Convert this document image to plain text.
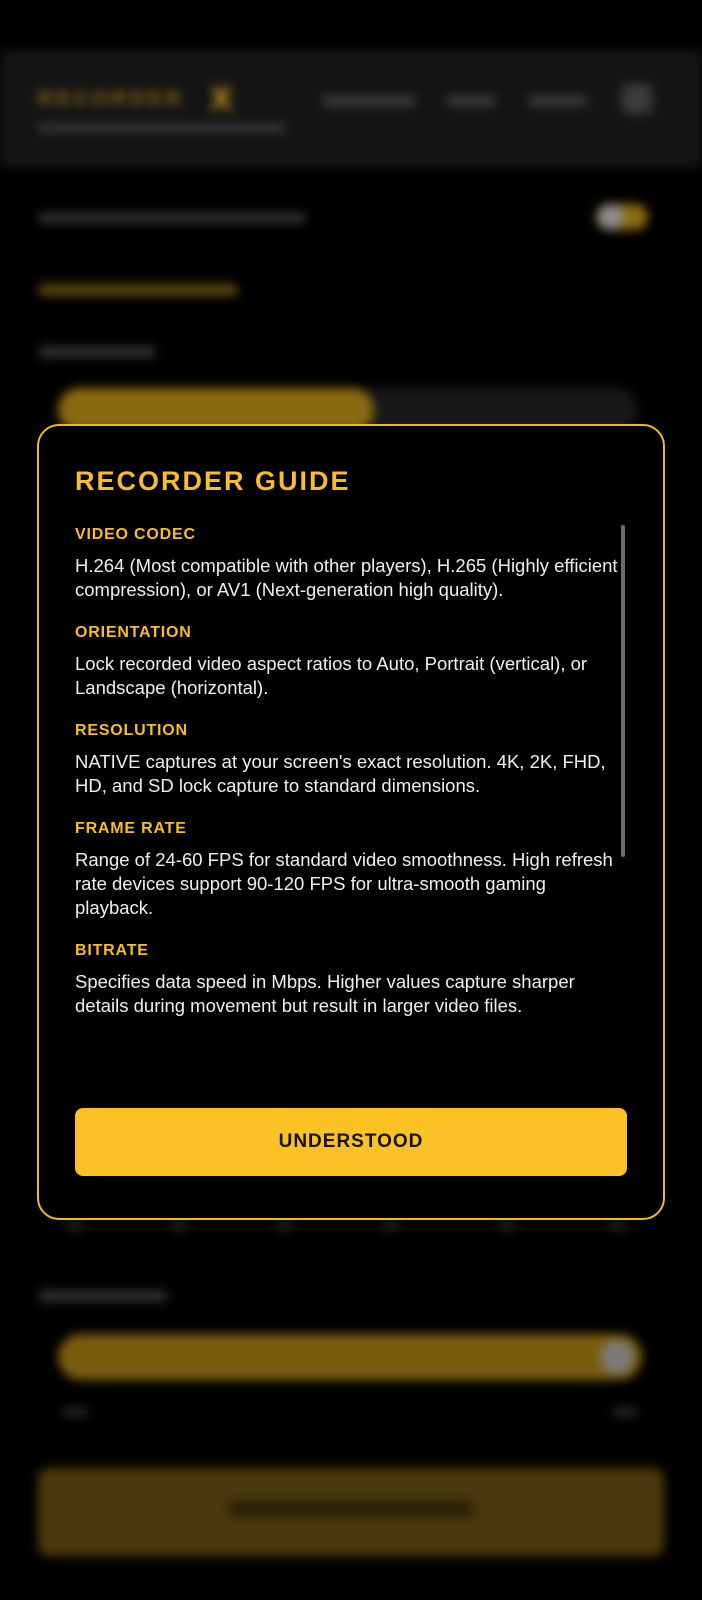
RECORDER X
RECORDER GUIDE
VIDEO CODEC

H.264 (Most compatible with other players), H.265 (Highly efficient compression), or AV1 (Next-generation high quality).

ORIENTATION

Lock recorded video aspect ratios to Auto, Portrait (vertical), or Landscape (horizontal).

RESOLUTION

NATIVE captures at your screen's exact resolution. 4K, 2K, FHD, HD, and SD lock capture to standard dimensions.

FRAME RATE

Range of 24-60 FPS for standard video smoothness. High refresh rate devices support 90-120 FPS for ultra-smooth gaming playback.

BITRATE

Specifies data speed in Mbps. Higher values capture sharper details during movement but result in larger video files.

UNDERSTOOD
